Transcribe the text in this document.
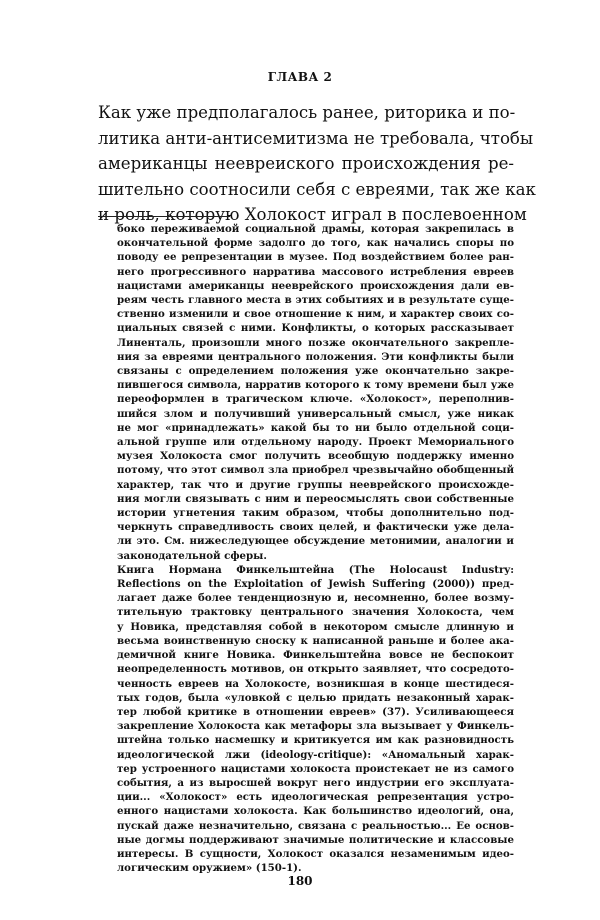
ГЛАВА 2
Как уже предполагалось ранее, риторика и по-
литика анти-антисемитизма не требовала, чтобы
американцы неевреиского происхождения ре-
шительно соотносили себя с евреями, так же как
и роль, которую Холокост играл в послевоенном
боко переживаемой социальной драмы, которая закрепилась в
окончательной форме задолго до того, как начались споры по
поводу ее репрезентации в музее. Под воздействием более ран-
него прогрессивного нарратива массового истребления евреев
нацистами американцы нееврейского происхождения дали ев-
реям честь главного места в этих событиях и в результате суще-
ственно изменили и свое отношение к ним, и характер своих со-
циальных связей с ними. Конфликты, о которых рассказывает
Линенталь, произошли много позже окончательного закрепле-
ния за евреями центрального положения. Эти конфликты были
связаны с определением положения уже окончательно закре-
пившегося символа, нарратив которого к тому времени был уже
переоформлен в трагическом ключе. «Холокост», переполнив-
шийся злом и получивший универсальный смысл, уже никак
не мог «принадлежать» какой бы то ни было отдельной соци-
альной группе или отдельному народу. Проект Мемориального
музея Холокоста смог получить всеобщую поддержку именно
потому, что этот символ зла приобрел чрезвычайно обобщенный
характер, так что и другие группы нееврейского происхожде-
ния могли связывать с ним и переосмыслять свои собственные
истории угнетения таким образом, чтобы дополнительно под-
черкнуть справедливость своих целей, и фактически уже дела-
ли это. См. нижеследующее обсуждение метонимии, аналогии и
законодательной сферы.
Книга Нормана Финкельштейна (The Holocaust Industry:
Reflections on the Exploitation of Jewish Suffering (2000)) пред-
лагает даже более тенденциозную и, несомненно, более возму-
тительную трактовку центрального значения Холокоста, чем
у Новика, представляя собой в некотором смысле длинную и
весьма воинственную сноску к написанной раньше и более ака-
демичной книге Новика. Финкельштейна вовсе не беспокоит
неопределенность мотивов, он открыто заявляет, что сосредото-
ченность евреев на Холокосте, возникшая в конце шестидеся-
тых годов, была «уловкой с целью придать незаконный харак-
тер любой критике в отношении евреев» (37). Усиливающееся
закрепление Холокоста как метафоры зла вызывает у Финкель-
штейна только насмешку и критикуется им как разновидность
идеологической лжи (ideology-critique): «Аномальный харак-
тер устроенного нацистами холокоста проистекает не из самого
события, а из выросшей вокруг него индустрии его эксплуата-
ции... «Холокост» есть идеологическая репрезентация устро-
енного нацистами холокоста. Как большинство идеологий, она,
пускай даже незначительно, связана с реальностью... Ее основ-
ные догмы поддерживают значимые политические и классовые
интересы. В сущности, Холокост оказался незаменимым идео-
логическим оружием» (150-1).
180
